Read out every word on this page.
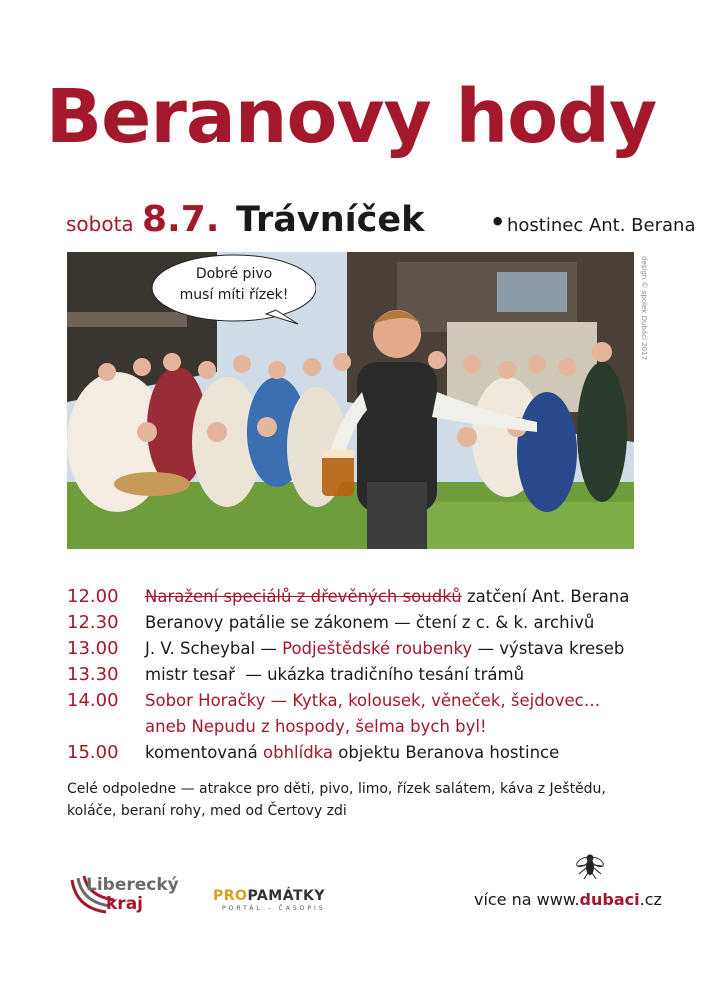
Beranovy hody
sobota 8.7. Trávníček	• hostinec Ant. Berana
Dobré pivo
musí míti řízek!	design © spolek Dubáci 2017
12.00 Naražení speciálů z dřevěných soudků zatčení Ant. Berana
12.30 Beranovy patálie se zákonem — čtení z c. & k. archivů
13.00 J. V. Scheybal — Podještědské roubenky — výstava kreseb
13.30 mistr tesař  — ukázka tradičního tesání trámů
14.00 Sobor Horačky — Kytka, kolousek, věneček, šejdovec…
aneb Nepudu z hospody, šelma bych byl!
15.00 komentovaná obhlídka objektu Beranova hostince
Celé odpoledne — atrakce pro děti, pivo, limo, řízek salátem, káva z Ještědu, koláče, beraní rohy, med od Čertovy zdi
Liberecký
kraj	PROPAMÁTKY
PORTÁL – ČASOPIS	více na www.dubaci.cz
